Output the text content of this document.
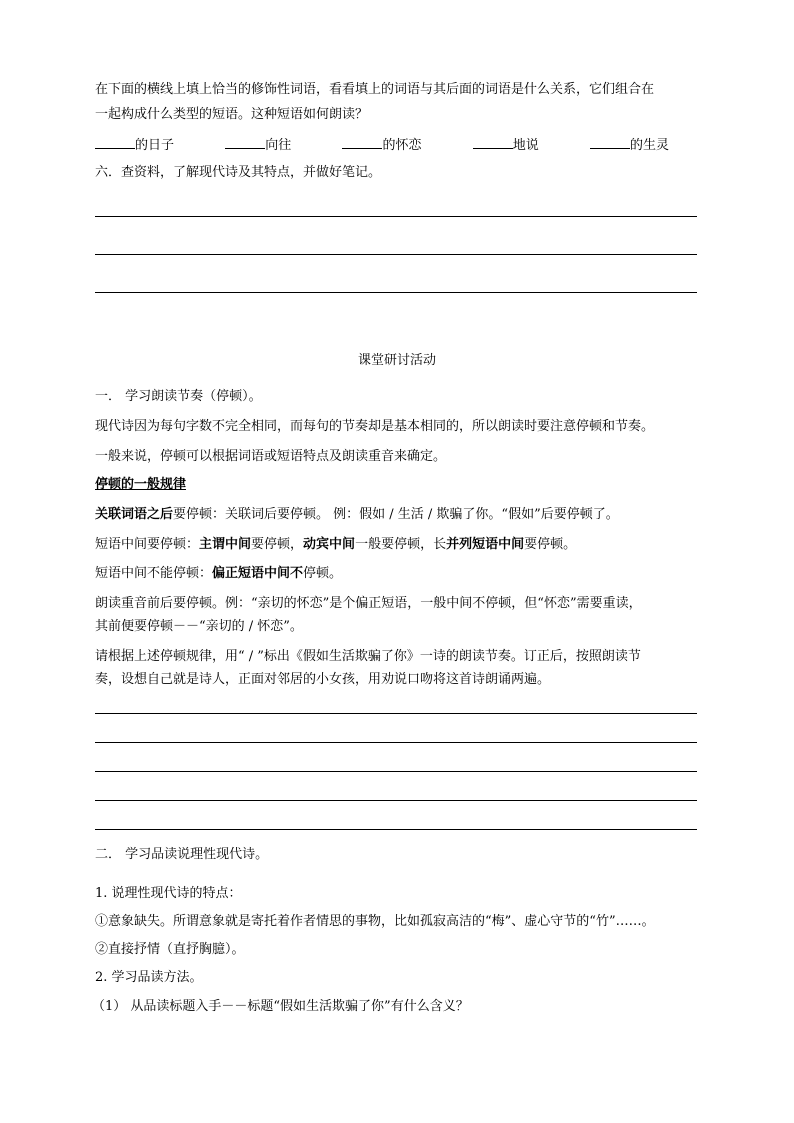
在下面的横线上填上恰当的修饰性词语，看看填上的词语与其后面的词语是什么关系，它们组合在
一起构成什么类型的短语。这种短语如何朗读？
的日子	向往	的怀恋	地说	的生灵
六．查资料，了解现代诗及其特点，并做好笔记。
课堂研讨活动
一． 学习朗读节奏（停顿）。
现代诗因为每句字数不完全相同，而每句的节奏却是基本相同的，所以朗读时要注意停顿和节奏。
一般来说，停顿可以根据词语或短语特点及朗读重音来确定。
停顿的一般规律
关联词语之后要停顿：关联词后要停顿。 例：假如 / 生活 / 欺骗了你。“假如”后要停顿了。
短语中间要停顿：主谓中间要停顿，动宾中间一般要停顿，长并列短语中间要停顿。
短语中间不能停顿：偏正短语中间不停顿。
朗读重音前后要停顿。例：“亲切的怀恋”是个偏正短语，一般中间不停顿，但“怀恋”需要重读，
其前便要停顿－－“亲切的 / 怀恋”。
请根据上述停顿规律，用“ / ”标出《假如生活欺骗了你》一诗的朗读节奏。订正后，按照朗读节
奏，设想自己就是诗人，正面对邻居的小女孩，用劝说口吻将这首诗朗诵两遍。
二． 学习品读说理性现代诗。
1. 说理性现代诗的特点：
①意象缺失。所谓意象就是寄托着作者情思的事物，比如孤寂高洁的“梅”、虚心守节的“竹”……。
②直接抒情（直抒胸臆）。
2. 学习品读方法。
（1） 从品读标题入手－－标题“假如生活欺骗了你”有什么含义？
